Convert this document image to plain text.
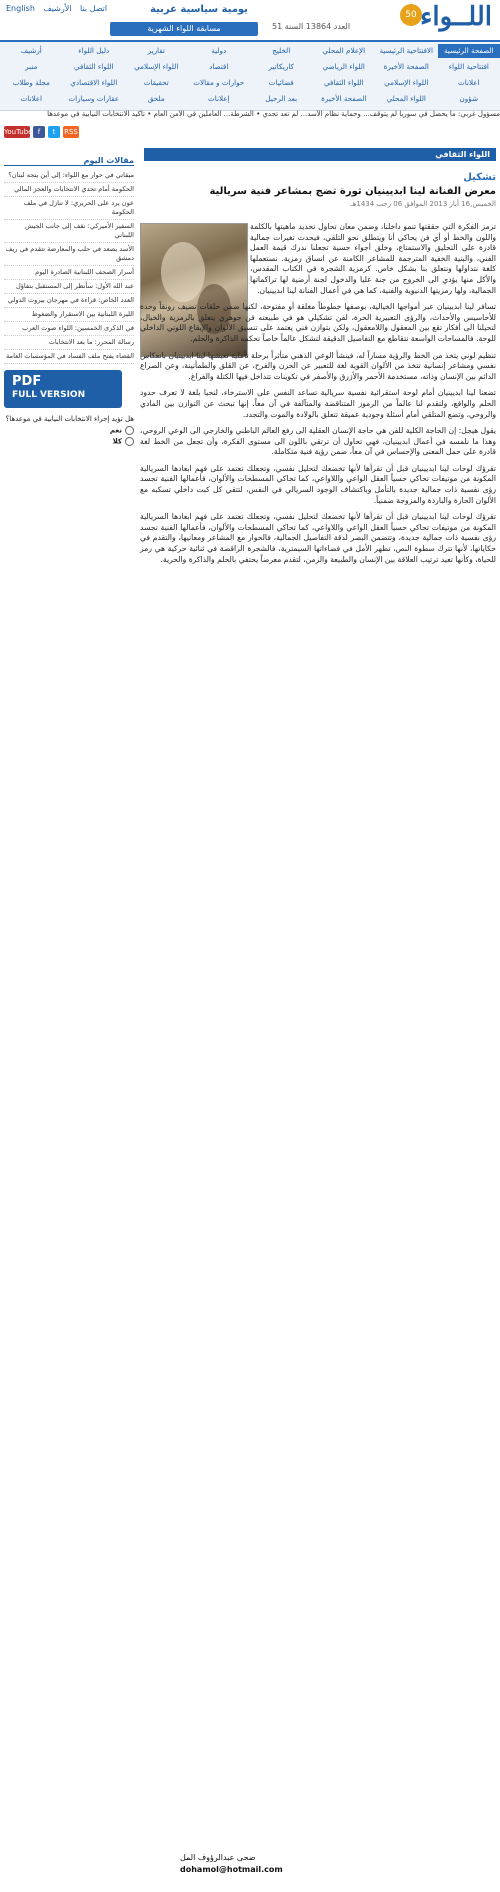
English	اتصل بنا الأرشيف	يومية سياسية عربية
مسابقة اللواء الشهرية	العدد 13864 السنة 51
50 اللــواء
الصفحة الرئيسية
الافتتاحية الرئيسية
الإعلام المحلي
الخليج
دولية
تقارير
دليل اللواء
أرشيف
افتتاحية اللواء
الصفحة الأخيرة
اللواء الرياضي
كاريكاتير
اقتصاد
اللواء الإسلامي
اللواء الثقافي
منبر
اعلانات
اللواء الإسلامي
اللواء الثقافي
فضائيات
حوارات و مقالات
تحقيقات
اللواء الاقتصادي
مجلة وطلاب
شؤون
اللواء المحلي
الصفحة الأخيرة
بعد الرحيل
إعلانات
ملحق
عقارات وسيارات
اعلانات
مسؤول غربي: ما يحصل في سوريا لم يتوقف... وحماية نظام الأسد... لم تعد تجدي • الشرطة... العاملين في الأمن العام • تأكيد الانتخابات النيابية في موعدها
YouTube f	t	RSS
اللواء الثقافي
مقالات اليوم
ميقاتي في حوار مع اللواء: إلى أين يتجه لبنان؟
الحكومة أمام تحدي الانتخابات والعجز المالي
عون يرد على الحريري: لا تنازل في ملف الحكومة
السفير الأميركي: نقف إلى جانب الجيش اللبناني
الأسد يصعد في حلب والمعارضة تتقدم في ريف دمشق
أسرار الصحف اللبنانية الصادرة اليوم
عبد الله الأول: سأنظر إلى المستقبل بتفاؤل
العدد الخاص: قراءة في مهرجان بيروت الدولي
الليرة اللبنانية بين الاستقرار والضغوط
في الذكرى الخمسين: اللواء صوت العرب
رسالة المحرر: ما بعد الانتخابات
القضاء يفتح ملف الفساد في المؤسسات العامة
PDF
FULL VERSION
هل تؤيد إجراء الانتخابات النيابية في موعدها؟
نعم
كلا
تشكيل
معرض الفنانة لينا ابديينيان ثورة تضج بمشاعر فنية سريالية
الخميس,16 أيار 2013 الموافق 06 رجب 1434هـ

ترمز الفكرة التي حققتها تنمو داخلنا، وضمن معان تحاول تحديد ماهيتها بالكلمة واللون والخط أو أي فن يحاكي أنا ويتطلق نحو التلقي، فيحدث تغيرات جمالية قادرة على التحليق والاستمتاع، وخلق أجواء حسية تجعلنا ندرك قيمة العمل الفني، والبنية الخفية المترجمة للمشاعر الكامنة عن انساق رمزية. نستعملها كلغة نتداولها ونتعلق بنا بشكل خاص. كرمزية الشجرة في الكتاب المقدس، والأكل منها يؤدي الى الخروج من جنة عليا والدخول لجنة أرضية لها تراكماتها الجمالية، ولها رمزيتها الدنيوية والفنية، كما هي في أعمال الفنانة لينا ابديينيان.

تسافر لينا ابديينيان عبر أمواجها الخيالية، بوصفها خطوطاً مغلقة أو مفتوحة، لكنها ضمن حلقات تضيف رونقاً وحدة للأحاسيس والأحداث، والرؤى التعبيرية الحرة، لفن تشكيلي هو في طبيعته فن جوهري يتعلق بالرمزية والخيال، لتحيلنا الى أفكار تقع بين المعقول واللامعقول، ولكن بتوازن فني يعتمد على تنسيق الألوان والإيقاع اللوني الداخلي للوحة. فالمساحات الواسعة تتقاطع مع التفاصيل الدقيقة لتشكل عالماً خاصاً تحكمه الذاكرة والحلم.

تنظيم لوني يتخذ من الخط والرؤية مساراً له، فينشأ الوعي الذهني متأثراً برحلة تأملية تعيشها لينا ابديينيان بانعكاس نفسي ومشاعر إنسانية تتخذ من الألوان القوية لغة للتعبير عن الحزن والفرح، عن القلق والطمأنينة، وعن الصراع الدائم بين الإنسان وذاته، مستخدمة الأحمر والأزرق والأصفر في تكوينات تتداخل فيها الكتلة والفراغ.

تضعنا لينا ابديينيان أمام لوحة استقرائية نفسية سريالية تساعد النفس على الاسترخاء، لنحيا بلغة لا تعرف حدود الحلم والواقع، ولتقدم لنا عالماً من الرموز المتناقضة والمتآلفة في آن معاً. إنها تبحث عن التوازن بين المادي والروحي، وتضع المتلقي أمام أسئلة وجودية عميقة تتعلق بالولادة والموت والتجدد.

يقول هيجل: إن الحاجة الكلية للفن هي حاجة الإنسان العقلية الى رفع العالم الباطني والخارجي الى الوعي الروحي، وهذا ما نلمسه في أعمال ابديينيان، فهي تحاول أن ترتقي باللون الى مستوى الفكرة، وأن تجعل من الخط لغة قادرة على حمل المعنى والإحساس في آن معاً، ضمن رؤية فنية متكاملة.

تقرؤك لوحات لينا ابديينيان قبل أن تقرأها لأنها تخضعك لتحليل نفسي، وتجعلك تعتمد على فهم ابعادها السريالية المكونة من موتيفات تحاكي حسياً العقل الواعي واللاواعي، كما تحاكي المسطحات والألوان، فأعمالها الفنية تجسد رؤى نفسية ذات جمالية جديدة بالتأمل وباكتشاف الوجود السريالي في النفس، لتتقي كل كبت داخلي تسكبه مع الألوان الحارة والباردة والمزوجة ضمنياً.

تقرؤك لوحات لينا ابديينيان قبل أن تقرأها لأنها تخضعك لتحليل نفسي، وتجعلك تعتمد على فهم ابعادها السريالية المكونة من موتيفات تحاكي حسياً العقل الواعي واللاواعي، كما تحاكي المسطحات والألوان، فأعمالها الفنية تجسد رؤى نفسية ذات جمالية جديدة، وتتضمن البصر لدقة التفاصيل الجمالية، فالحوار مع المشاعر ومعانيها، والتقدم في حكاياتها، لأنها تترك سطوة النص، تظهر الأمل في فضاءاتها السيمترية، فالشجرة الراقصة في ثنائية حركية هي رمز للحياة، وكأنها تعيد ترتيب العلاقة بين الإنسان والطبيعة والزمن، لتقدم معرضاً يحتفي بالحلم والذاكرة والحرية.

ضحى عبدالرؤوف المل
dohamol@hotmail.com
